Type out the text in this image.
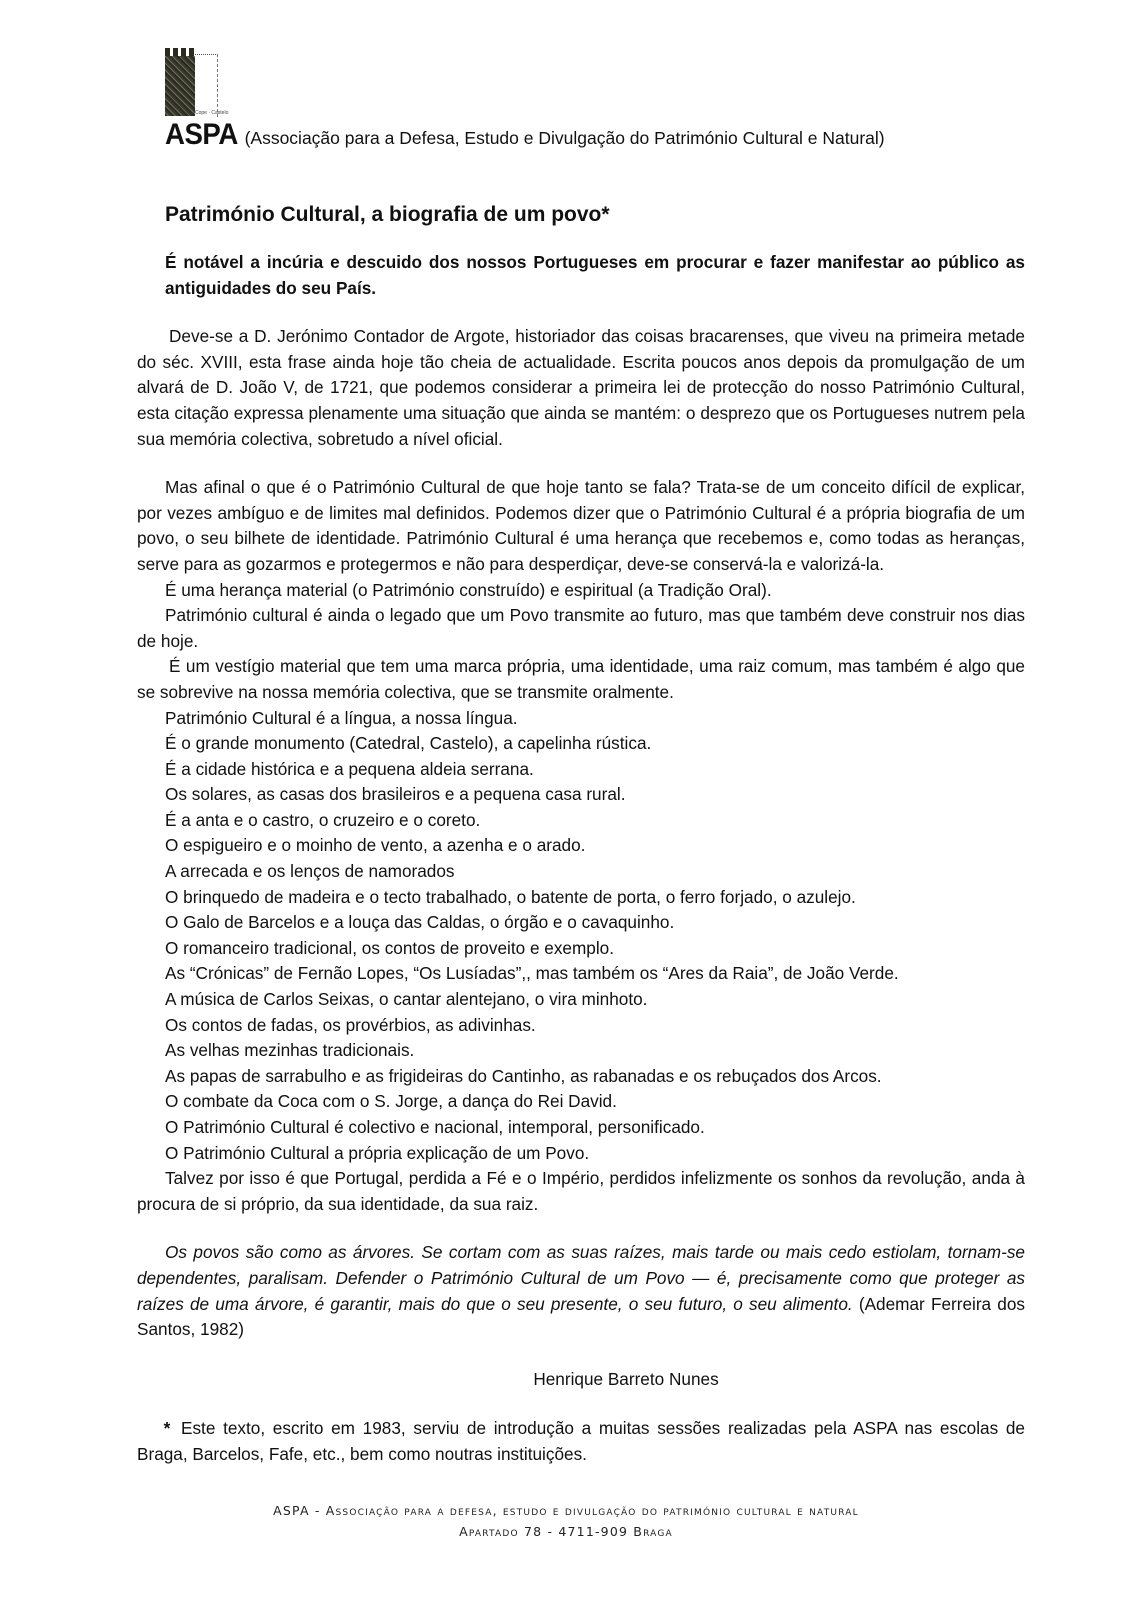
Cope · Castelo
ASPA (Associação para a Defesa, Estudo e Divulgação do Património Cultural e Natural)
Património Cultural, a biografia de um povo*

É notável a incúria e descuido dos nossos Portugueses em procurar e fazer manifestar ao público as antiguidades do seu País.

Deve-se a D. Jerónimo Contador de Argote, historiador das coisas bracarenses, que viveu na primeira metade do séc. XVIII, esta frase ainda hoje tão cheia de actualidade. Escrita poucos anos depois da promulgação de um alvará de D. João V, de 1721, que podemos considerar a primeira lei de protecção do nosso Património Cultural, esta citação expressa plenamente uma situação que ainda se mantém: o desprezo que os Portugueses nutrem pela sua memória colectiva, sobretudo a nível oficial.

Mas afinal o que é o Património Cultural de que hoje tanto se fala? Trata-se de um conceito difícil de explicar, por vezes ambíguo e de limites mal definidos. Podemos dizer que o Património Cultural é a própria biografia de um povo, o seu bilhete de identidade. Património Cultural é uma herança que recebemos e, como todas as heranças, serve para as gozarmos e protegermos e não para desperdiçar, deve-se conservá-la e valorizá-la.

É uma herança material (o Património construído) e espiritual (a Tradição Oral).

Património cultural é ainda o legado que um Povo transmite ao futuro, mas que também deve construir nos dias de hoje.

É um vestígio material que tem uma marca própria, uma identidade, uma raiz comum, mas também é algo que se sobrevive na nossa memória colectiva, que se transmite oralmente.

Património Cultural é a língua, a nossa língua.

É o grande monumento (Catedral, Castelo), a capelinha rústica.

É a cidade histórica e a pequena aldeia serrana.

Os solares, as casas dos brasileiros e a pequena casa rural.

É a anta e o castro, o cruzeiro e o coreto.

O espigueiro e o moinho de vento, a azenha e o arado.

A arrecada e os lenços de namorados

O brinquedo de madeira e o tecto trabalhado, o batente de porta, o ferro forjado, o azulejo.

O Galo de Barcelos e a louça das Caldas, o órgão e o cavaquinho.

O romanceiro tradicional, os contos de proveito e exemplo.

As “Crónicas” de Fernão Lopes, “Os Lusíadas”,, mas também os “Ares da Raia”, de João Verde.

A música de Carlos Seixas, o cantar alentejano, o vira minhoto.

Os contos de fadas, os provérbios, as adivinhas.

As velhas mezinhas tradicionais.

As papas de sarrabulho e as frigideiras do Cantinho, as rabanadas e os rebuçados dos Arcos.

O combate da Coca com o S. Jorge, a dança do Rei David.

O Património Cultural é colectivo e nacional, intemporal, personificado.

O Património Cultural a própria explicação de um Povo.

Talvez por isso é que Portugal, perdida a Fé e o Império, perdidos infelizmente os sonhos da revolução, anda à procura de si próprio, da sua identidade, da sua raiz.

Os povos são como as árvores. Se cortam com as suas raízes, mais tarde ou mais cedo estiolam, tornam-se dependentes, paralisam. Defender o Património Cultural de um Povo — é, precisamente como que proteger as raízes de uma árvore, é garantir, mais do que o seu presente, o seu futuro, o seu alimento. (Ademar Ferreira dos Santos, 1982)

Henrique Barreto Nunes

* Este texto, escrito em 1983, serviu de introdução a muitas sessões realizadas pela ASPA nas escolas de Braga, Barcelos, Fafe, etc., bem como noutras instituições.

ASPA - Associação para a defesa, estudo e divulgação do património cultural e natural
Apartado 78 - 4711-909 Braga
